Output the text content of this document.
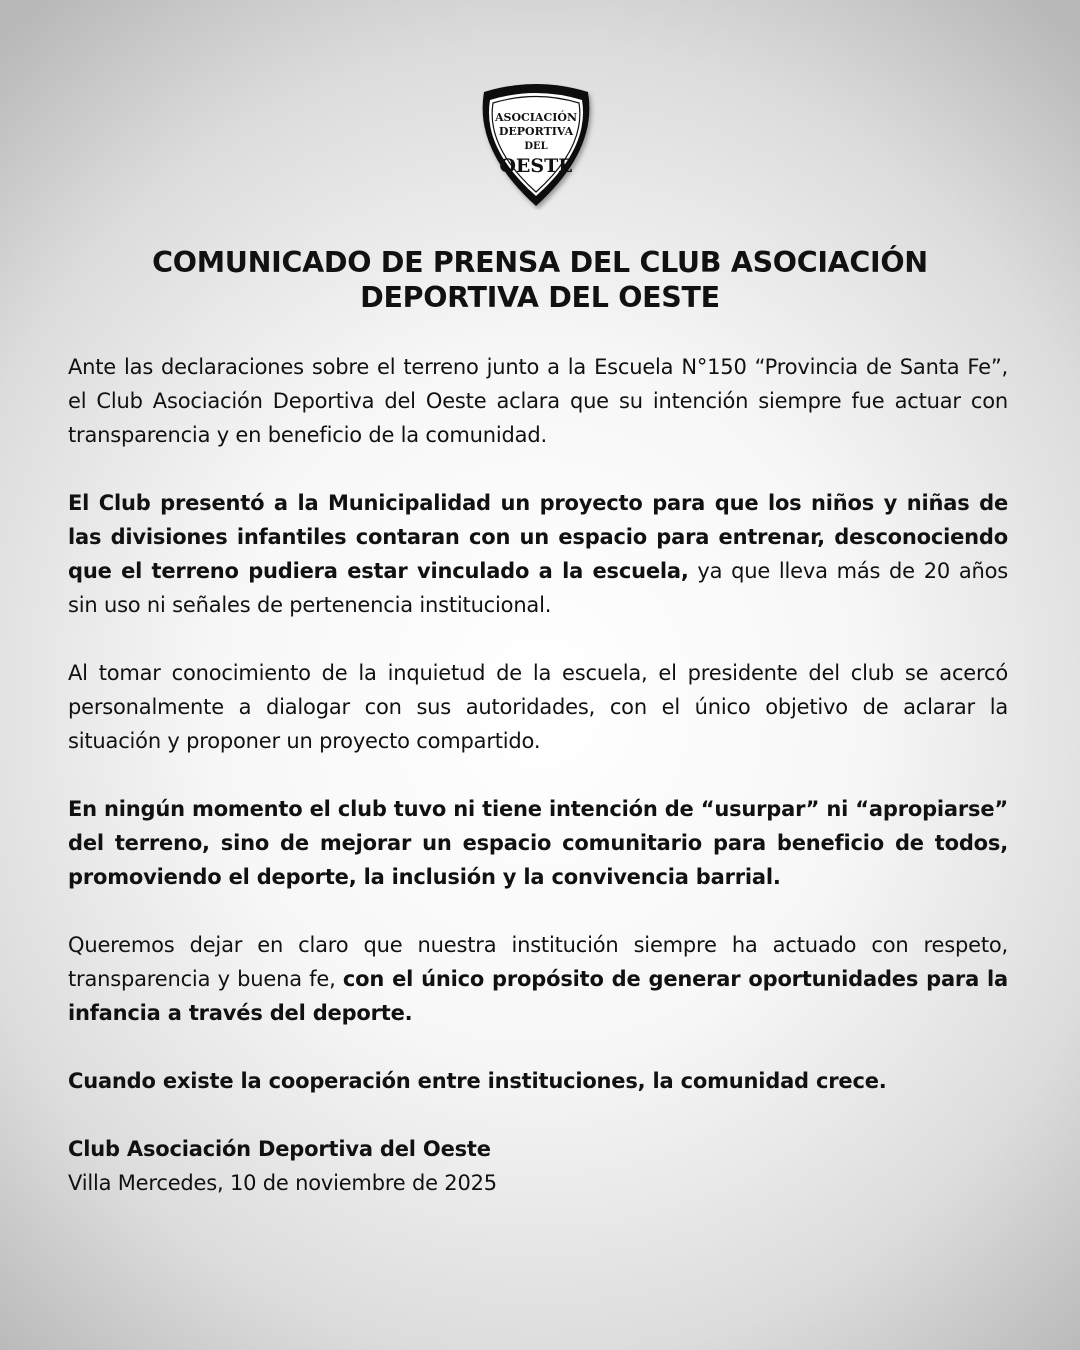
ASOCIACIÓN
DEPORTIVA
DEL
OESTE
COMUNICADO DE PRENSA DEL CLUB ASOCIACIÓN DEPORTIVA DEL OESTE

Ante las declaraciones sobre el terreno junto a la Escuela N°150 “Provincia de Santa Fe”, el Club Asociación Deportiva del Oeste aclara que su intención siempre fue actuar con transparencia y en beneficio de la comunidad.

El Club presentó a la Municipalidad un proyecto para que los niños y niñas de las divisiones infantiles contaran con un espacio para entrenar, desconociendo que el terreno pudiera estar vinculado a la escuela, ya que lleva más de 20 años sin uso ni señales de pertenencia institucional.

Al tomar conocimiento de la inquietud de la escuela, el presidente del club se acercó personalmente a dialogar con sus autoridades, con el único objetivo de aclarar la situación y proponer un proyecto compartido.

En ningún momento el club tuvo ni tiene intención de “usurpar” ni “apropiarse” del terreno, sino de mejorar un espacio comunitario para beneficio de todos, promoviendo el deporte, la inclusión y la convivencia barrial.

Queremos dejar en claro que nuestra institución siempre ha actuado con respeto, transparencia y buena fe, con el único propósito de generar oportunidades para la infancia a través del deporte.

Cuando existe la cooperación entre instituciones, la comunidad crece.

Club Asociación Deportiva del Oeste
Villa Mercedes, 10 de noviembre de 2025
